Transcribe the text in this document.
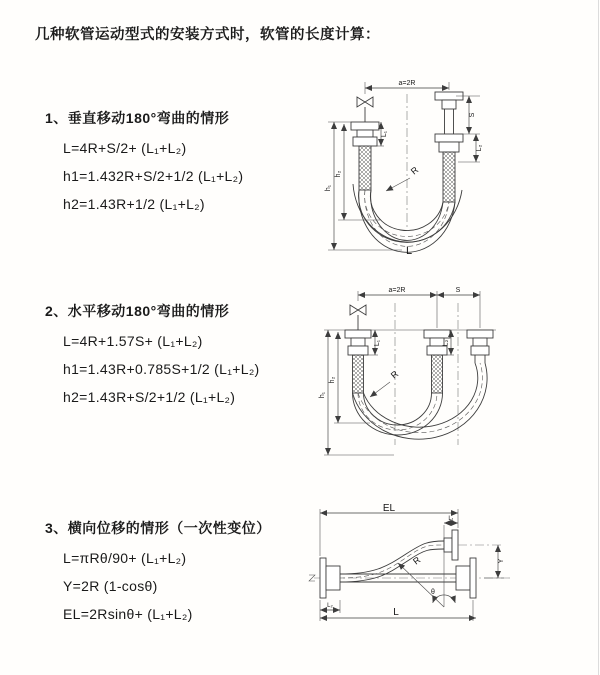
几种软管运动型式的安装方式时，软管的长度计算：
1、垂直移动180°弯曲的情形

L=4R+S/2+ (L₁+L₂)

h1=1.432R+S/2+1/2 (L₁+L₂)

h2=1.43R+1/2 (L₁+L₂)

a=2R
h₁
h₂
L₁
S
L₂
R
L
2、水平移动180°弯曲的情形

L=4R+1.57S+ (L₁+L₂)

h1=1.43R+0.785S+1/2 (L₁+L₂)

h2=1.43R+S/2+1/2 (L₁+L₂)

a=2R	S
h₁
h₂
L₁	L₂
R
3、横向位移的情形（一次性变位）

L=πRθ/90+ (L₁+L₂)

Y=2R (1-cosθ)

EL=2Rsinθ+ (L₁+L₂)

EL
L₁
Y
R
θ
L₂
L
